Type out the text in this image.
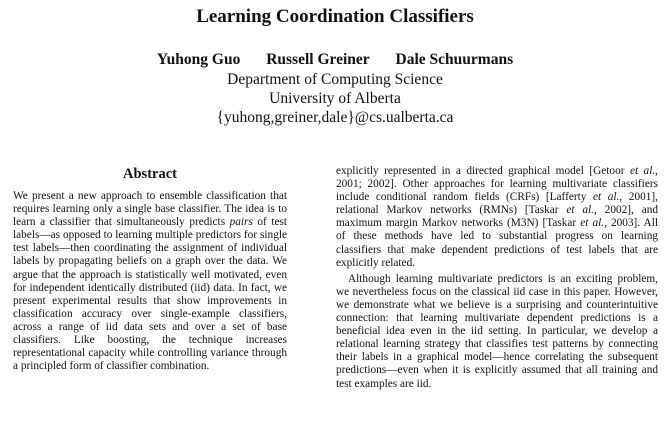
Learning Coordination Classifiers
Yuhong Guo Russell Greiner Dale Schuurmans
Department of Computing Science
University of Alberta
{yuhong,greiner,dale}@cs.ualberta.ca
Abstract

We present a new approach to ensemble classification that requires learning only a single base classifier. The idea is to learn a classifier that simultaneously predicts pairs of test labels—as opposed to learning multiple predictors for single test labels—then coordinating the assignment of individual labels by propagating beliefs on a graph over the data. We argue that the approach is statistically well motivated, even for independent identically distributed (iid) data. In fact, we present experimental results that show improvements in classification accuracy over single-example classifiers, across a range of iid data sets and over a set of base classifiers. Like boosting, the technique increases representational capacity while controlling variance through a principled form of classifier combination.

explicitly represented in a directed graphical model [Getoor et al., 2001; 2002]. Other approaches for learning multivariate classifiers include conditional random fields (CRFs) [Lafferty et al., 2001], relational Markov networks (RMNs) [Taskar et al., 2002], and maximum margin Markov networks (M3N) [Taskar et al., 2003]. All of these methods have led to substantial progress on learning classifiers that make dependent predictions of test labels that are explicitly related.

Although learning multivariate predictors is an exciting problem, we nevertheless focus on the classical iid case in this paper. However, we demonstrate what we believe is a surprising and counterintuitive connection: that learning multivariate dependent predictions is a beneficial idea even in the iid setting. In particular, we develop a relational learning strategy that classifies test patterns by connecting their labels in a graphical model—hence correlating the subsequent predictions—even when it is explicitly assumed that all training and test examples are iid.
